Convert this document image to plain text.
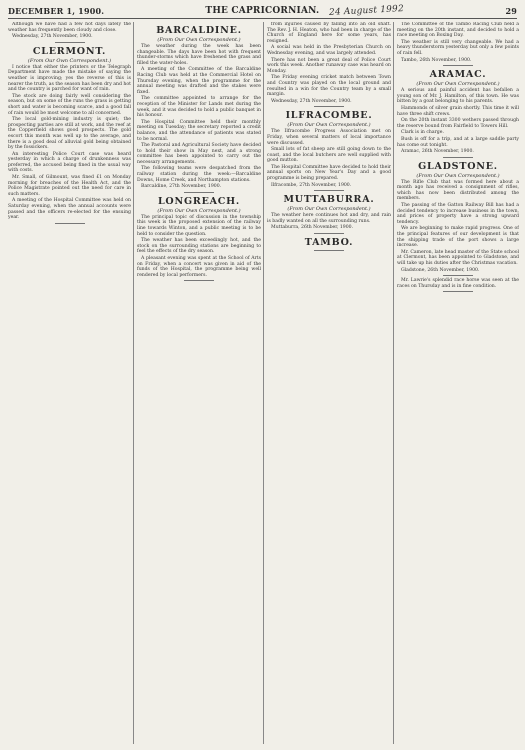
DECEMBER 1, 1900.	THE CAPRICORNIAN. 24 August 1992	29

Although we have had a few hot days lately the weather has frequently been cloudy and close.

Wednesday, 27th November, 1900.

CLERMONT.
(From Our Own Correspondent.)

I notice that either the printers or the Telegraph Department have made the mistake of saying the weather is improving; yes the reverse of this is nearer the truth, as the season has been dry and hot and the country is parched for want of rain.

The stock are doing fairly well considering the season, but on some of the runs the grass is getting short and water is becoming scarce, and a good fall of rain would be most welcome to all concerned.

The local gold-mining industry is quiet; the prospecting parties are still at work, and the reef at the Copperfield shows good prospects. The gold escort this month was well up to the average, and there is a good deal of alluvial gold being obtained by the fossickers.

An interesting Police Court case was heard yesterday in which a charge of drunkenness was preferred, the accused being fined in the usual way with costs.

Mr. Small, of Gilmount, was fined £1 on Monday morning for breaches of the Health Act, and the Police Magistrate pointed out the need for care in such matters.

A meeting of the Hospital Committee was held on Saturday evening, when the annual accounts were passed and the officers re-elected for the ensuing year.

BARCALDINE.
(From Our Own Correspondent.)

The weather during the week has been changeable. The days have been hot with frequent thunder-storms which have freshened the grass and filled the water-holes.

A meeting of the Committee of the Barcaldine Racing Club was held at the Commercial Hotel on Thursday evening, when the programme for the annual meeting was drafted and the stakes were fixed.

The committee appointed to arrange for the reception of the Minister for Lands met during the week, and it was decided to hold a public banquet in his honour.

The Hospital Committee held their monthly meeting on Tuesday; the secretary reported a credit balance, and the attendance of patients was stated to be normal.

The Pastoral and Agricultural Society have decided to hold their show in May next, and a strong committee has been appointed to carry out the necessary arrangements.

The following teams were despatched from the railway station during the week:—Barcaldine Downs, Home Creek, and Northampton stations.

Barcaldine, 27th November, 1900.

LONGREACH.
(From Our Own Correspondent.)

The principal topic of discussion in the township this week is the proposed extension of the railway line towards Winton, and a public meeting is to be held to consider the question.

The weather has been exceedingly hot, and the stock on the surrounding stations are beginning to feel the effects of the dry season.

A pleasant evening was spent at the School of Arts on Friday, when a concert was given in aid of the funds of the Hospital, the programme being well rendered by local performers.

from injuries caused by falling into an old shaft. The Rev. J. H. Heaton, who had been in charge of the Church of England here for some years, has resigned.

A social was held in the Presbyterian Church on Wednesday evening, and was largely attended.

There has not been a great deal of Police Court work this week. Another runaway case was heard on Monday.

The Friday evening cricket match between Town and Country was played on the local ground and resulted in a win for the Country team by a small margin.

Wednesday, 27th November, 1900.

ILFRACOMBE.
(From Our Own Correspondent.)

The Ilfracombe Progress Association met on Friday, when several matters of local importance were discussed.

Small lots of fat sheep are still going down to the coast, and the local butchers are well supplied with good mutton.

The Hospital Committee have decided to hold their annual sports on New Year's Day and a good programme is being prepared.

Ilfracombe, 27th November, 1900.

MUTTABURRA.
(From Our Own Correspondent.)

The weather here continues hot and dry, and rain is badly wanted on all the surrounding runs.

Muttaburra, 26th November, 1900.

TAMBO.

The Committee of the Tambo Racing Club held a meeting on the 20th instant, and decided to hold a race meeting on Boxing Day.

The weather is still very changeable. We had a heavy thunderstorm yesterday but only a few points of rain fell.

Tambo, 26th November, 1900.

ARAMAC.
(From Our Own Correspondent.)

A serious and painful accident has befallen a young son of Mr. J. Hamilton, of this town. He was bitten by a goat belonging to his parents.

Hammonds of silver grain shortly. This time it will have three shift crews.

On the 20th instant 3300 wethers passed through the reserve bound from Fairfield to Towers Hill.

Clark is in charge.

Bush is off for a trip, and at a large saddle party has come out tonight.

Aramac, 26th November, 1900.

GLADSTONE.
(From Our Own Correspondent.)

The Rifle Club that was formed here about a month ago has received a consignment of rifles, which has now been distributed among the members.

The passing of the Gatton Railway Bill has had a decided tendency to increase business in the town, and prices of property have a strong upward tendency.

We are beginning to make rapid progress. One of the principal features of our development is that the shipping trade of the port shows a large increase.

Mr. Cameron, late head master of the State school at Clermont, has been appointed to Gladstone, and will take up his duties after the Christmas vacation.

Gladstone, 26th November, 1900.

Mr. Lawrie's splendid race horse was seen at the races on Thursday and is in fine condition.
